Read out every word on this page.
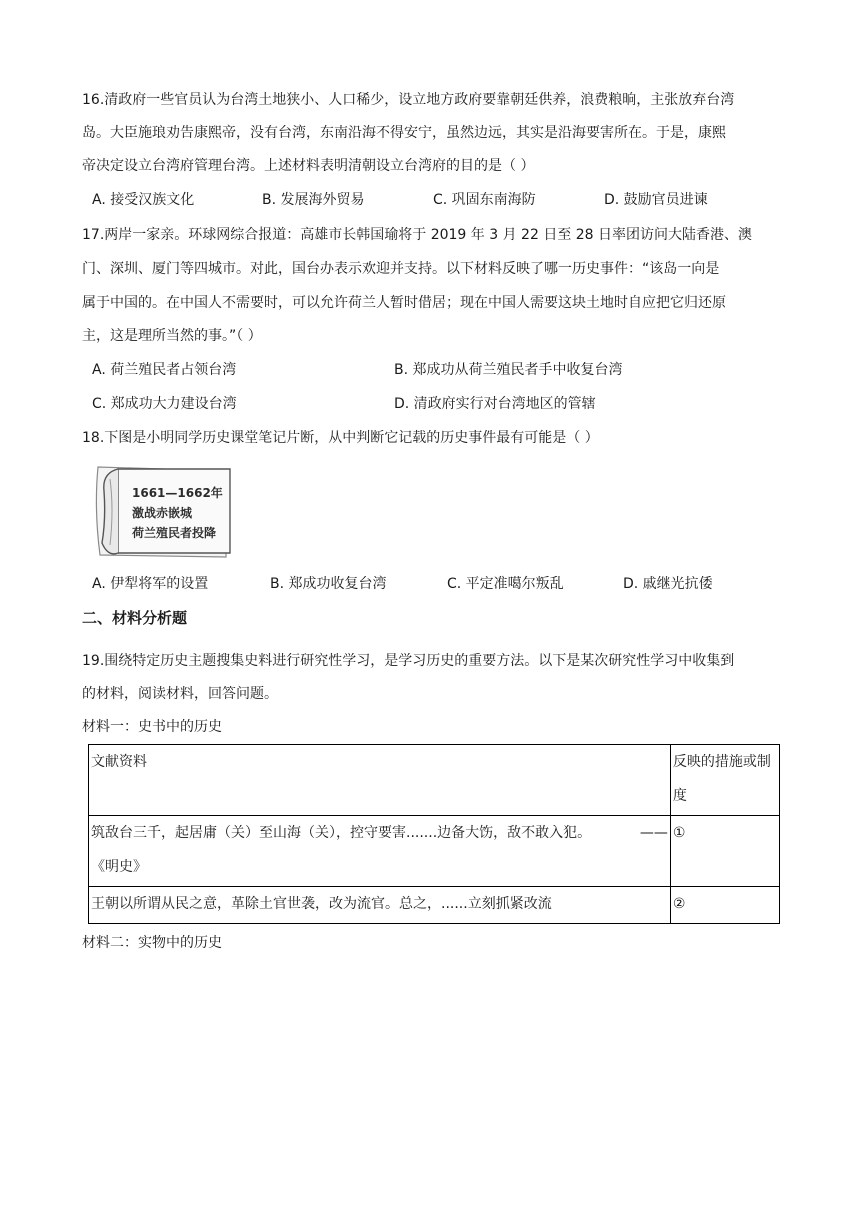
16.清政府一些官员认为台湾土地狭小、人口稀少，设立地方政府要靠朝廷供养，浪费粮晌，主张放弃台湾
岛。大臣施琅劝告康熙帝，没有台湾，东南沿海不得安宁，虽然边远，其实是沿海要害所在。于是，康熙
帝决定设立台湾府管理台湾。上述材料表明清朝设立台湾府的目的是（ ）
A. 接受汉族文化	B. 发展海外贸易	C. 巩固东南海防	D. 鼓励官员进谏
17.两岸一家亲。环球网综合报道：高雄市长韩国瑜将于 2019 年 3 月 22 日至 28 日率团访问大陆香港、澳
门、深圳、厦门等四城市。对此，国台办表示欢迎并支持。以下材料反映了哪一历史事件：“该岛一向是
属于中国的。在中国人不需要时，可以允许荷兰人暂时借居；现在中国人需要这块土地时自应把它归还原
主，这是理所当然的事。”（ ）
A. 荷兰殖民者占领台湾	B. 郑成功从荷兰殖民者手中收复台湾
C. 郑成功大力建设台湾	D. 清政府实行对台湾地区的管辖
18.下图是小明同学历史课堂笔记片断，从中判断它记载的历史事件最有可能是（ ）
1661—1662年
激战赤嵌城
荷兰殖民者投降
A. 伊犁将军的设置	B. 郑成功收复台湾	C. 平定准噶尔叛乱	D. 戚继光抗倭
二、材料分析题
19.围绕特定历史主题搜集史料进行研究性学习，是学习历史的重要方法。以下是某次研究性学习中收集到
的材料，阅读材料，回答问题。
材料一：史书中的历史
文献资料	反映的措施或制
度

筑敌台三千，起居庸（关）至山海（关），控守要害.......边备大饬，敌不敢入犯。 ——
《明史》	①
王朝以所谓从民之意，革除土官世袭，改为流官。总之，......立刻抓紧改流	②
材料二：实物中的历史
